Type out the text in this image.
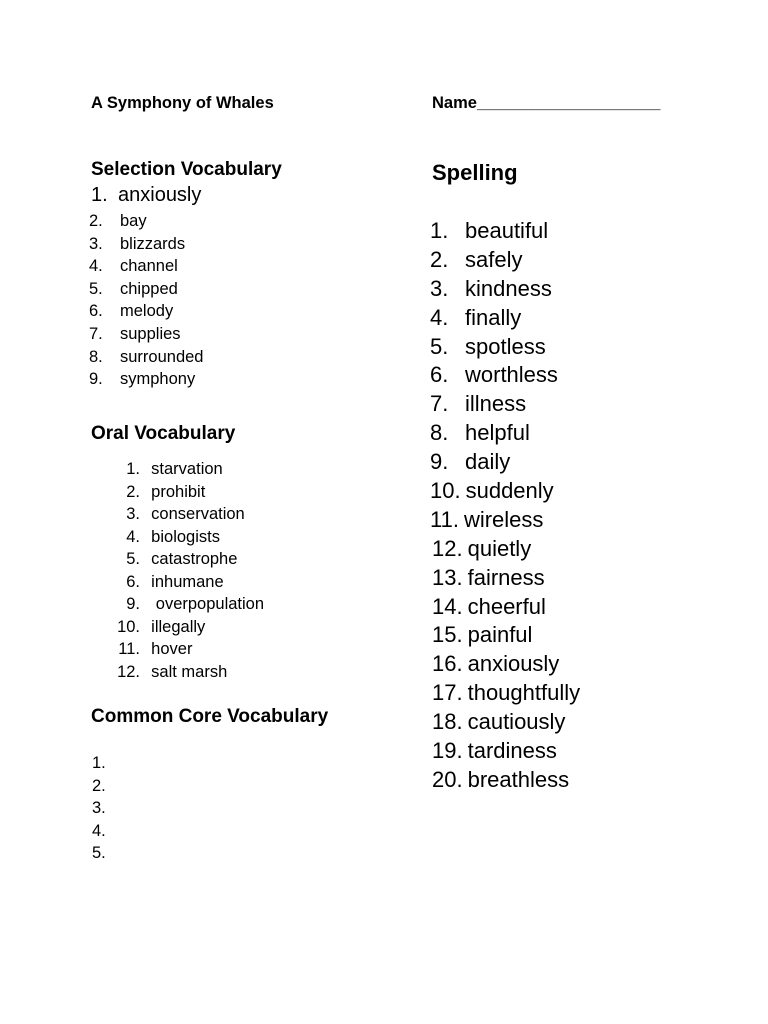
A Symphony of Whales	Name____________________
Selection Vocabulary
1. anxiously
2. bay
3. blizzards
4. channel
5. chipped
6. melody
7. supplies
8. surrounded
9. symphony
Oral Vocabulary
1. starvation
2. prohibit
3. conservation
4. biologists
5. catastrophe
6. inhumane
9. overpopulation
10. illegally
11. hover
12. salt marsh
Common Core Vocabulary
1.
2.
3.
4.
5.
Spelling
1. beautiful
2. safely
3. kindness
4. finally
5. spotless
6. worthless
7. illness
8. helpful
9. daily
10. suddenly
11. wireless
12. quietly
13. fairness
14. cheerful
15. painful
16. anxiously
17. thoughtfully
18. cautiously
19. tardiness
20. breathless
